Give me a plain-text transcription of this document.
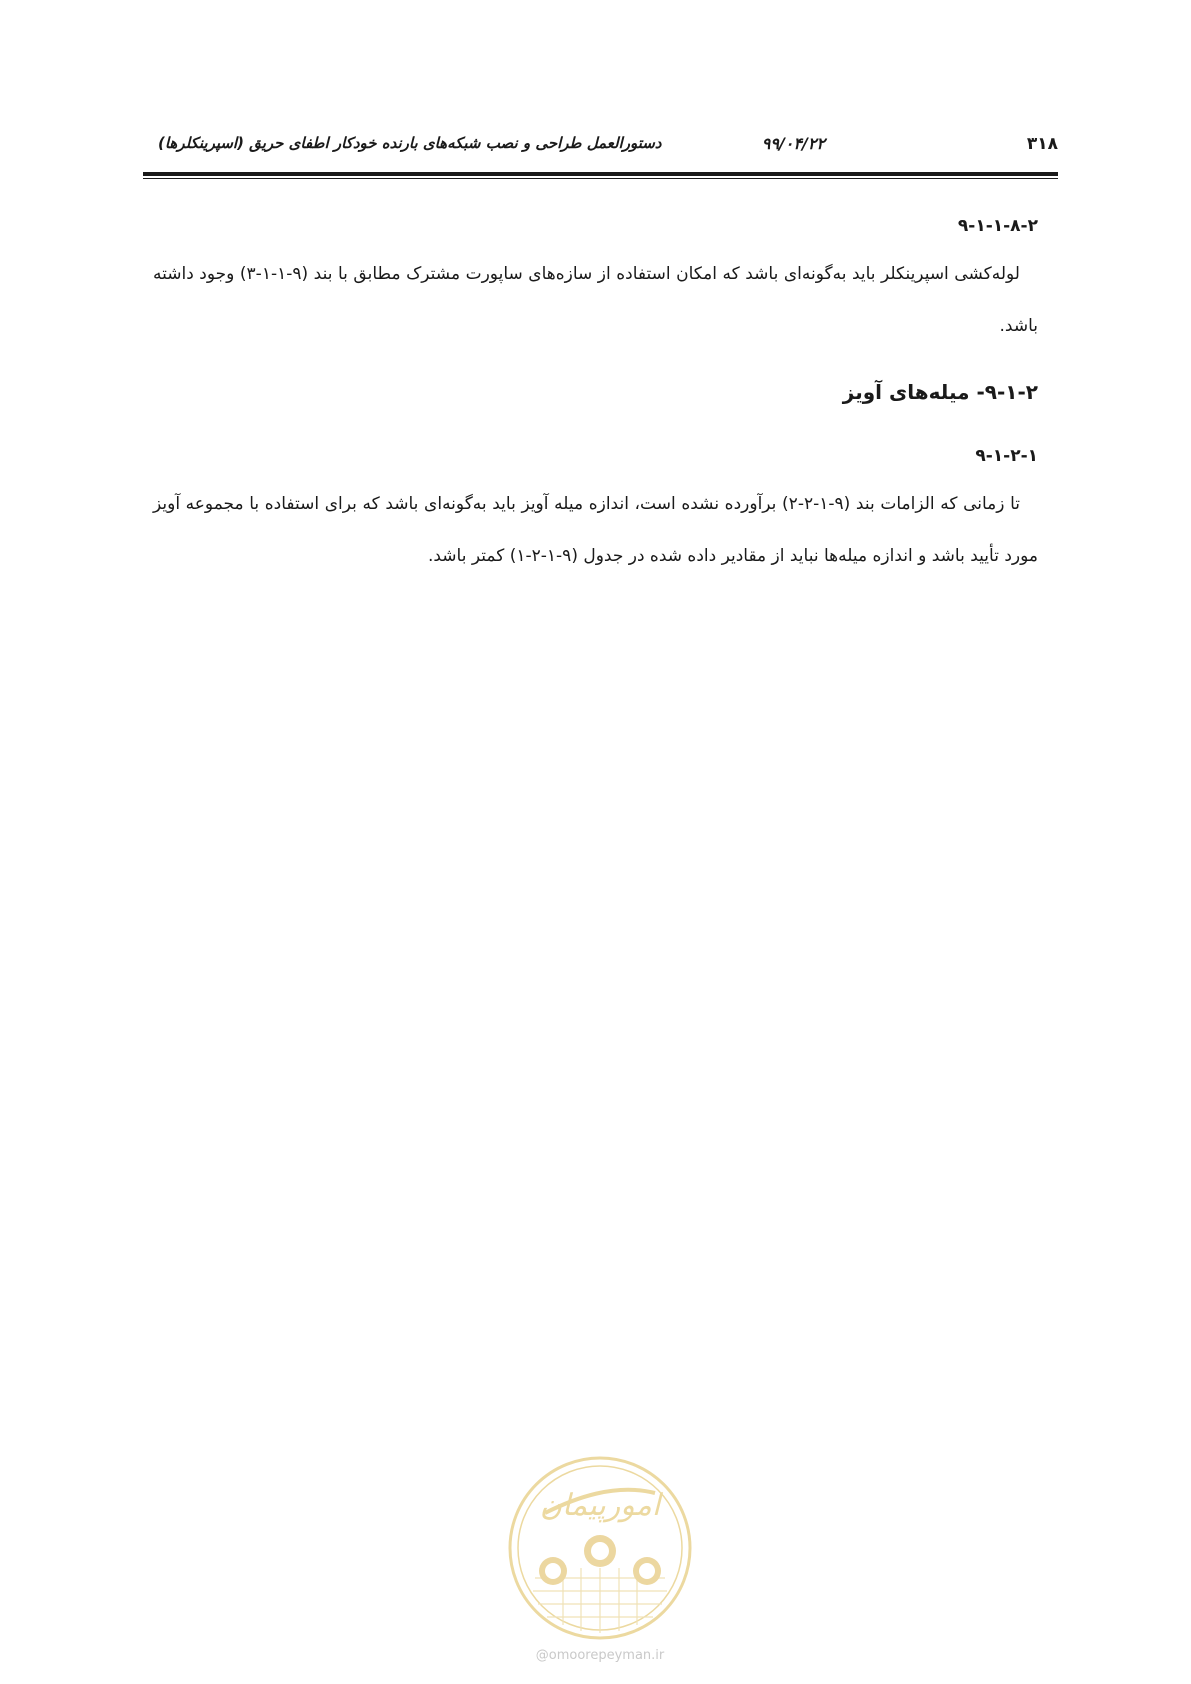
۳۱۸
۹۹/۰۴/۲۲
دستورالعمل طراحی و نصب شبکه‌های بارنده خودکار اطفای حریق (اسپرینکلرها)
۹-۱-۱-۸-۲

لوله‌کشی اسپرینکلر باید به‌گونه‌ای باشد که امکان استفاده از سازه‌های ساپورت مشترک مطابق با بند (۹-۱-۱-۳) وجود داشته باشد.

۹-۱-۲- میله‌های آویز
۹-۱-۲-۱

تا زمانی که الزامات بند (۹-۱-۲-۲) برآورده نشده است، اندازه میله آویز باید به‌گونه‌ای باشد که برای استفاده با مجموعه آویز مورد تأیید باشد و اندازه میله‌ها نباید از مقادیر داده شده در جدول (۹-۱-۲-۱) کمتر باشد.

امورپیمان
@omoorepeyman.ir
